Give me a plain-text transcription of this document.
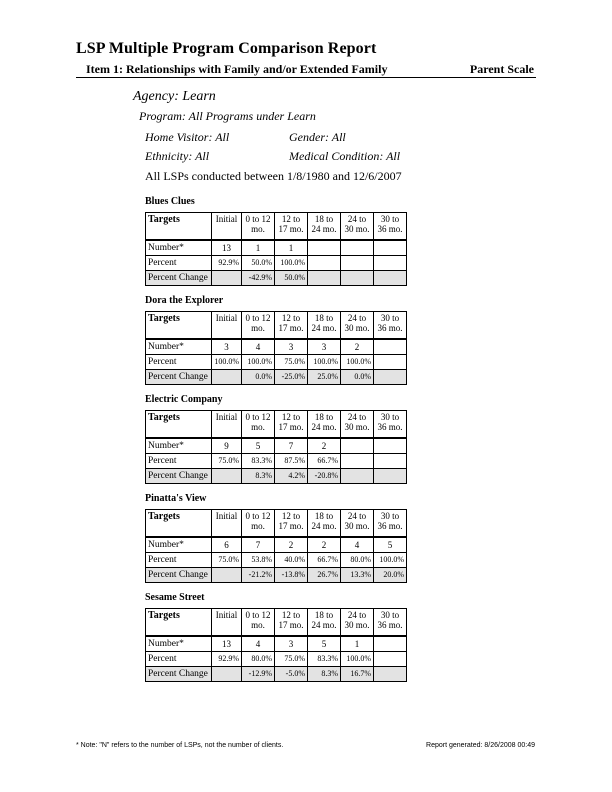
LSP Multiple Program Comparison Report
Item 1: Relationships with Family and/or Extended Family	Parent Scale
Agency: Learn
Program: All Programs under Learn
Home Visitor: All	Gender: All
Ethnicity: All	Medical Condition: All
All LSPs conducted between 1/8/1980 and 12/6/2007
Blues Clues
Targets	Initial	0 to 12 mo.	12 to 17 mo.	18 to 24 mo.	24 to 30 mo.	30 to 36 mo.
Number*	13	1	1			
Percent	92.9%	50.0%	100.0%			
Percent Change		-42.9%	50.0%			
Dora the Explorer
Targets	Initial	0 to 12 mo.	12 to 17 mo.	18 to 24 mo.	24 to 30 mo.	30 to 36 mo.
Number*	3	4	3	3	2	
Percent	100.0%	100.0%	75.0%	100.0%	100.0%	
Percent Change		0.0%	-25.0%	25.0%	0.0%	
Electric Company
Targets	Initial	0 to 12 mo.	12 to 17 mo.	18 to 24 mo.	24 to 30 mo.	30 to 36 mo.
Number*	9	5	7	2		
Percent	75.0%	83.3%	87.5%	66.7%		
Percent Change		8.3%	4.2%	-20.8%		
Pinatta's View
Targets	Initial	0 to 12 mo.	12 to 17 mo.	18 to 24 mo.	24 to 30 mo.	30 to 36 mo.
Number*	6	7	2	2	4	5
Percent	75.0%	53.8%	40.0%	66.7%	80.0%	100.0%
Percent Change		-21.2%	-13.8%	26.7%	13.3%	20.0%
Sesame Street
Targets	Initial	0 to 12 mo.	12 to 17 mo.	18 to 24 mo.	24 to 30 mo.	30 to 36 mo.
Number*	13	4	3	5	1	
Percent	92.9%	80.0%	75.0%	83.3%	100.0%	
Percent Change		-12.9%	-5.0%	8.3%	16.7%	
* Note: "N" refers to the number of LSPs, not the number of clients.	Report generated: 8/26/2008 00:49
